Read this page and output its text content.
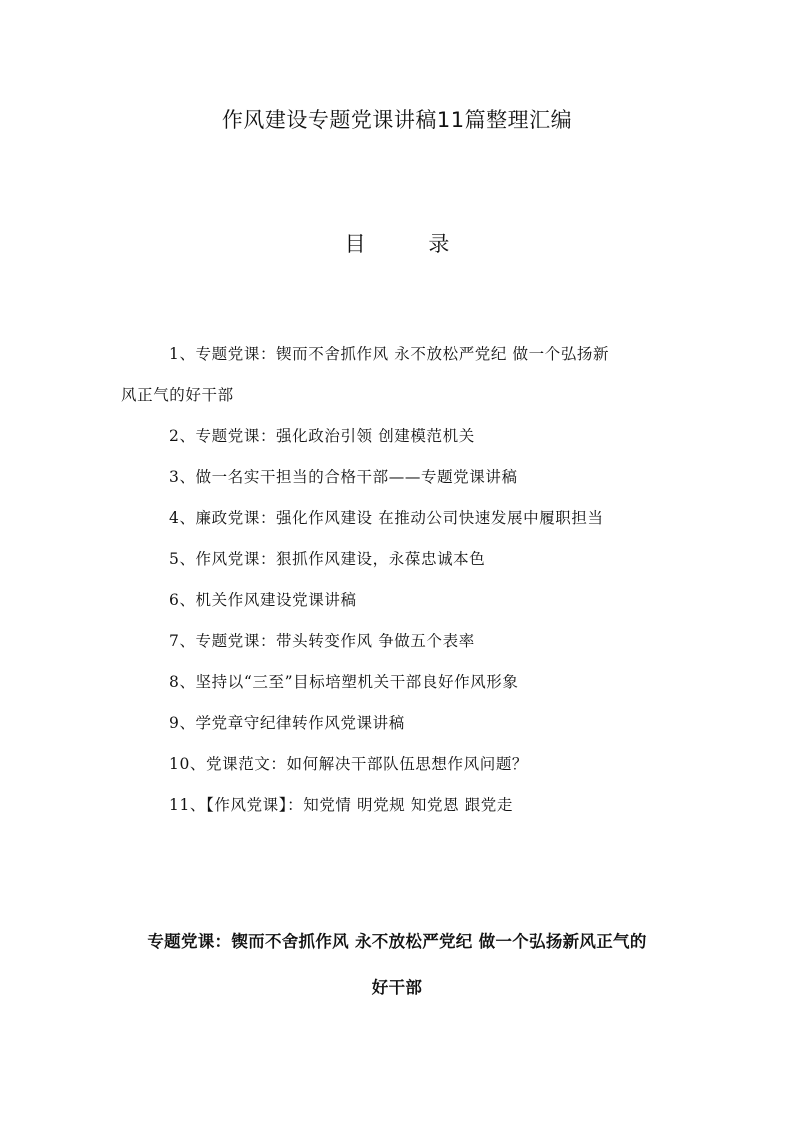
作风建设专题党课讲稿11篇整理汇编
目 录
1、专题党课：锲而不舍抓作风 永不放松严党纪 做一个弘扬新
风正气的好干部
2、专题党课：强化政治引领 创建模范机关
3、做一名实干担当的合格干部——专题党课讲稿
4、廉政党课：强化作风建设 在推动公司快速发展中履职担当
5、作风党课：狠抓作风建设，永葆忠诚本色
6、机关作风建设党课讲稿
7、专题党课：带头转变作风 争做五个表率
8、坚持以“三至”目标培塑机关干部良好作风形象
9、学党章守纪律转作风党课讲稿
10、党课范文：如何解决干部队伍思想作风问题？
11、【作风党课】：知党情 明党规 知党恩 跟党走
专题党课：锲而不舍抓作风 永不放松严党纪 做一个弘扬新风正气的
好干部
